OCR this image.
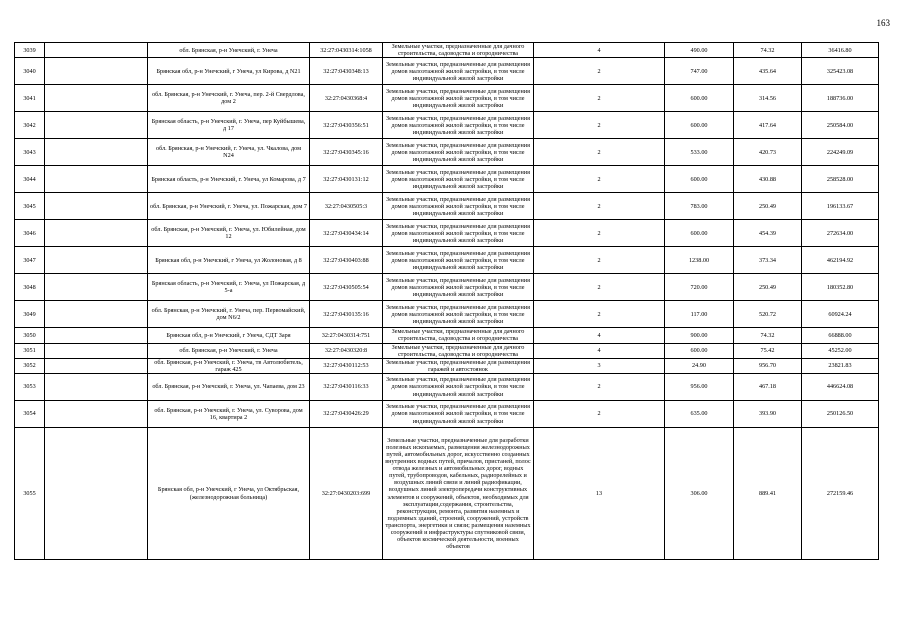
163
3039		обл. Брянская, р-н Унечский, г. Унеча	32:27:0430314:1058	Земельные участки, предназначенные для дачного строительства, садоводства и огородничества	4	490.00	74.32	36416.80
3040		Брянская обл, р-н Унечский, г Унеча, ул Кирова, д N21	32:27:0430348:13	Земельные участки, предназначенные для размещения домов малоэтажной жилой застройки, в том числе индивидуальной жилой застройки	2	747.00	435.64	325423.08
3041		обл. Брянская, р-н Унечский, г. Унеча, пер. 2-й Свердлова, дом 2	32:27:0430368:4	Земельные участки, предназначенные для размещения домов малоэтажной жилой застройки, в том числе индивидуальной жилой застройки	2	600.00	314.56	188736.00
3042		Брянская область, р-н Унечский, г. Унеча, пер Куйбышева, д 17	32:27:0430356:51	Земельные участки, предназначенные для размещения домов малоэтажной жилой застройки, в том числе индивидуальной жилой застройки	2	600.00	417.64	250584.00
3043		обл. Брянская, р-н Унечский, г. Унеча, ул. Чкалова, дом N24	32:27:0430345:16	Земельные участки, предназначенные для размещения домов малоэтажной жилой застройки, в том числе индивидуальной жилой застройки	2	533.00	420.73	224249.09
3044		Брянская область, р-н Унечский, г. Унеча, ул Комарова, д 7	32:27:0430131:12	Земельные участки, предназначенные для размещения домов малоэтажной жилой застройки, в том числе индивидуальной жилой застройки	2	600.00	430.88	258528.00
3045		обл. Брянская, р-н Унечский, г. Унеча, ул. Пожарская, дом 7	32:27:0430505:3	Земельные участки, предназначенные для размещения домов малоэтажной жилой застройки, в том числе индивидуальной жилой застройки	2	783.00	250.49	196133.67
3046		обл. Брянская, р-н Унечский, г. Унеча, ул. Юбилейная, дом 12	32:27:0430434:14	Земельные участки, предназначенные для размещения домов малоэтажной жилой застройки, в том числе индивидуальной жилой застройки	2	600.00	454.39	272634.00
3047		Брянская обл, р-н Унечский, г Унеча, ул Жолоновая, д 8	32:27:0430403:88	Земельные участки, предназначенные для размещения домов малоэтажной жилой застройки, в том числе индивидуальной жилой застройки	2	1238.00	373.34	462194.92
3048		Брянская область, р-н Унечский, г. Унеча, ул Пожарская, д 5-а	32:27:0430505:54	Земельные участки, предназначенные для размещения домов малоэтажной жилой застройки, в том числе индивидуальной жилой застройки	2	720.00	250.49	180352.80
3049		обл. Брянская, р-н Унечский, г. Унеча, пер. Первомайский, дом N6/2	32:27:0430135:16	Земельные участки, предназначенные для размещения домов малоэтажной жилой застройки, в том числе индивидуальной жилой застройки	2	117.00	520.72	60924.24
3050		Брянская обл, р-н Унечский, г Унеча, СДТ Заря	32:27:0430314:751	Земельные участки, предназначенные для дачного строительства, садоводства и огородничества	4	900.00	74.32	66888.00
3051		обл. Брянская, р-н Унечский, г. Унеча	32:27:0430320:8	Земельные участки, предназначенные для дачного строительства, садоводства и огородничества	4	600.00	75.42	45252.00
3052		обл. Брянская, р-н Унечский, г. Унеча, тв Автолюбитель, гараж 425	32:27:0430112:53	Земельные участки, предназначенные для размещения гаражей и автостоянок	3	24.90	956.70	23821.83
3053		обл. Брянская, р-н Унечский, г. Унеча, ул. Чапаева, дом 23	32:27:0430116:33	Земельные участки, предназначенные для размещения домов малоэтажной жилой застройки, в том числе индивидуальной жилой застройки	2	956.00	467.18	446624.08
3054		обл. Брянская, р-н Унечский, г. Унеча, ул. Суворова, дом 16, квартира 2	32:27:0430426:29	Земельные участки, предназначенные для размещения домов малоэтажной жилой застройки, в том числе индивидуальной жилой застройки	2	635.00	393.90	250126.50
3055		Брянская обл, р-н Унечский, г Унеча, ул Октябрьская, (железнодорожная больница)	32:27:0430203:699	Земельные участки, предназначенные для разработки полезных ископаемых, размещения железнодорожных путей, автомобильных дорог, искусственно созданных внутренних водных путей, причалов, пристаней, полос отвода железных и автомобильных дорог, водных путей, трубопроводов, кабельных, радиорелейных и воздушных линий связи и линий радиофикации, воздушных линий электропередачи конструктивных элементов и сооружений, объектов, необходимых для эксплуатации,содержания, строительства, реконструкции, ремонта, развития наземных и подземных зданий, строений, сооружений, устройств транспорта, энергетики и связи; размещения наземных сооружений и инфраструктуры спутниковой связи, объектов космической деятельности, военных объектов	13	306.00	889.41	272159.46
